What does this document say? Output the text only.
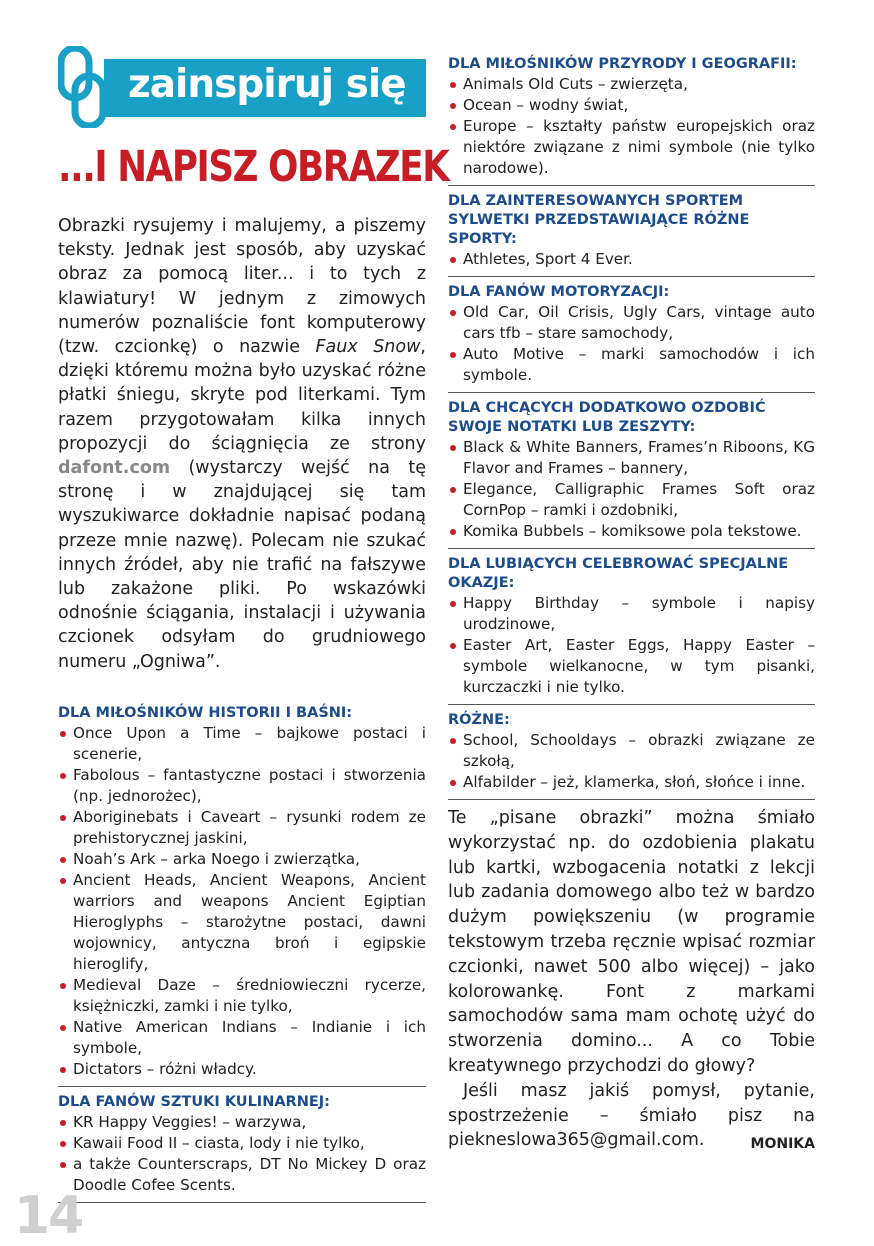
zainspiruj się
...I NAPISZ OBRAZEK
Obrazki rysujemy i malujemy, a piszemy teksty. Jednak jest sposób, aby uzyskać obraz za pomocą liter... i to tych z klawiatury! W jednym z zimowych numerów poznaliście font komputerowy (tzw. czcionkę) o nazwie Faux Snow, dzięki któremu można było uzyskać różne płatki śniegu, skryte pod literkami. Tym razem przygotowałam kilka innych propozycji do ściągnięcia ze strony dafont.com (wystarczy wejść na tę stronę i w znajdującej się tam wyszukiwarce dokładnie napisać podaną przeze mnie nazwę). Polecam nie szukać innych źródeł, aby nie trafić na fałszywe lub zakażone pliki. Po wskazówki odnośnie ściągania, instalacji i używania czcionek odsyłam do grudniowego numeru „Ogniwa”.
DLA MIŁOŚNIKÓW HISTORII I BAŚNI:
Once Upon a Time – bajkowe postaci i scenerie,
Fabolous – fantastyczne postaci i stworzenia (np. jednorożec),
Aboriginebats i Caveart – rysunki rodem ze prehistorycznej jaskini,
Noah’s Ark – arka Noego i zwierzątka,
Ancient Heads, Ancient Weapons, Ancient warriors and weapons Ancient Egiptian Hieroglyphs – starożytne postaci, dawni wojownicy, antyczna broń i egipskie hieroglify,
Medieval Daze – średniowieczni rycerze, księżniczki, zamki i nie tylko,
Native American Indians – Indianie i ich symbole,
Dictators – różni władcy.
DLA FANÓW SZTUKI KULINARNEJ:
KR Happy Veggies! – warzywa,
Kawaii Food II – ciasta, lody i nie tylko,
a także Counterscraps, DT No Mickey D oraz Doodle Cofee Scents.
DLA MIŁOŚNIKÓW PRZYRODY I GEOGRAFII:
Animals Old Cuts – zwierzęta,
Ocean – wodny świat,
Europe – kształty państw europejskich oraz niektóre związane z nimi symbole (nie tylko narodowe).
DLA ZAINTERESOWANYCH SPORTEM SYLWETKI PRZEDSTAWIAJĄCE RÓŻNE SPORTY:
Athletes, Sport 4 Ever.
DLA FANÓW MOTORYZACJI:
Old Car, Oil Crisis, Ugly Cars, vintage auto cars tfb – stare samochody,
Auto Motive – marki samochodów i ich symbole.
DLA CHCĄCYCH DODATKOWO OZDOBIĆ SWOJE NOTATKI LUB ZESZYTY:
Black & White Banners, Frames’n Riboons, KG Flavor and Frames – bannery,
Elegance, Calligraphic Frames Soft oraz CornPop – ramki i ozdobniki,
Komika Bubbels – komiksowe pola tekstowe.
DLA LUBIĄCYCH CELEBROWAĆ SPECJALNE OKAZJE:
Happy Birthday – symbole i napisy urodzinowe,
Easter Art, Easter Eggs, Happy Easter – symbole wielkanocne, w tym pisanki, kurczaczki i nie tylko.
RÓŻNE:
School, Schooldays – obrazki związane ze szkołą,
Alfabilder – jeż, klamerka, słoń, słońce i inne.

Te „pisane obrazki” można śmiało wykorzystać np. do ozdobienia plakatu lub kartki, wzbogacenia notatki z lekcji lub zadania domowego albo też w bardzo dużym powiększeniu (w programie tekstowym trzeba ręcznie wpisać rozmiar czcionki, nawet 500 albo więcej) – jako kolorowankę. Font z markami samochodów sama mam ochotę użyć do stworzenia domino... A co Tobie kreatywnego przychodzi do głowy?

Jeśli masz jakiś pomysł, pytanie, spostrzeżenie – śmiało pisz na piekneslowa365@gmail.com.	MONIKA

14
